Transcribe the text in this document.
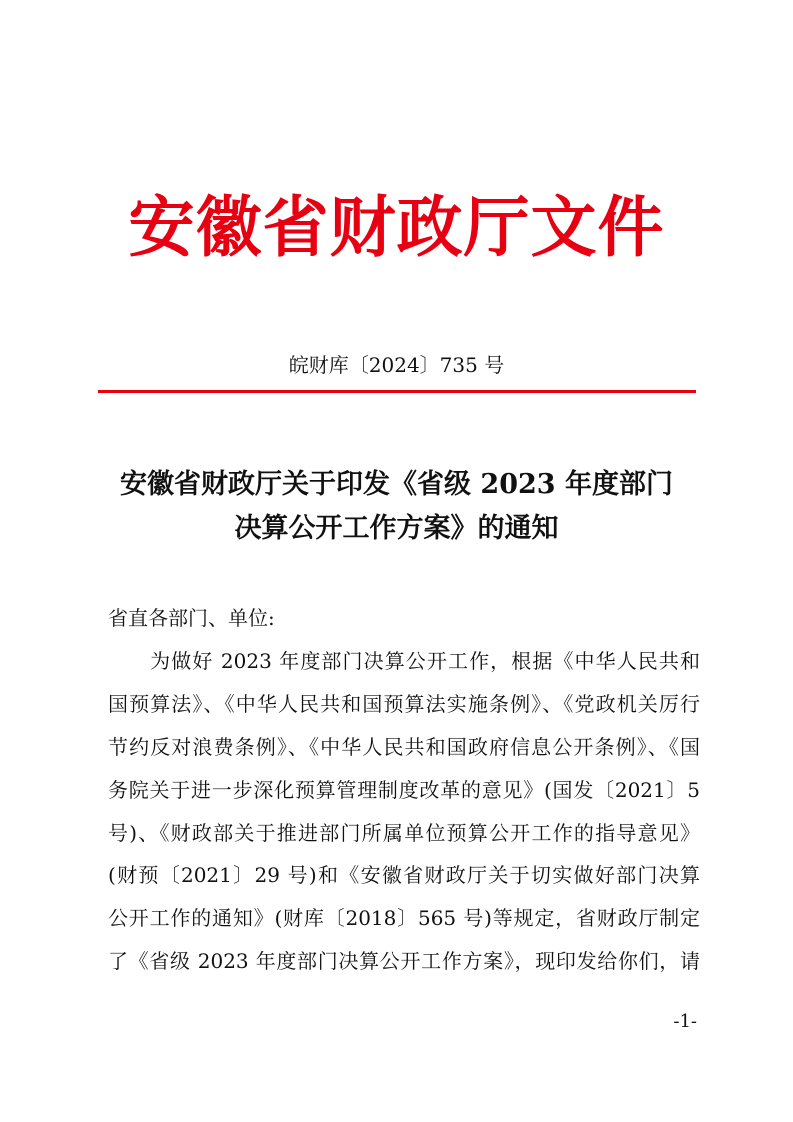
安徽省财政厅文件
皖财库〔2024〕735 号
安徽省财政厅关于印发《省级 2023 年度部门
决算公开工作方案》的通知
省直各部门、单位:
　　为做好 2023 年度部门决算公开工作，根据《中华人民共和
国预算法》、《中华人民共和国预算法实施条例》、《党政机关厉行
节约反对浪费条例》、《中华人民共和国政府信息公开条例》、《国
务院关于进一步深化预算管理制度改革的意见》(国发〔2021〕5
号)、《财政部关于推进部门所属单位预算公开工作的指导意见》
(财预〔2021〕29 号)和《安徽省财政厅关于切实做好部门决算
公开工作的通知》(财库〔2018〕565 号)等规定，省财政厅制定
了《省级 2023 年度部门决算公开工作方案》，现印发给你们，请
-1-
